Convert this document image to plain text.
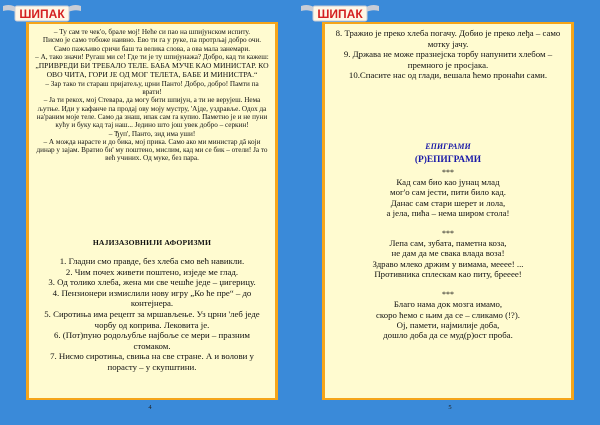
ШИПАК
– Ту сам те чек'о, брале мој! Неће си пао на шпијунском испиту.
Писмо је само тобоже наивно. Ево ти га у руке, па протрљај добро очи. Само пажљиво сричи баш та велика слова, а ова мала занемари.
– А, тако значи! Ругаш ми се! Где ти је ту шпијунажа? Добро, кад ти кажеш:
„ПРИВРЕДИ БИ ТРЕБАЛО ТЕЛЕ. БАБА МУЧЕ КАО МИНИСТАР. КО ОВО ЧИТА, ГОРИ ЈЕ ОД МОГ ТЕЛЕТА, БАБЕ И МИНИСТРА.“
– Зар тако ти стараш пријатељу, црни Панто! Добро, добро! Памти па врати!
– Ја ти рекох, мој Стевара, да могу бити шпијун, а ти не верујеш. Нема љутње. Иди у кафанче па продај ову моју мустру, 'Ајде, уздравље. Одох да на'раним моје теле. Само да знаш, ипак сам га купио. Паметно је и не пуни кућу и буку кад тај наш... Једино што још увек добро – серкин!
– Ђуп', Панто, зид има уши!
– А можда нарасте и до бика, мој прика. Само ако ми министар дâ који динар у зајам. Вратио би' му поштено, мислим, кад ми се бик – отели! Ја то већ учиних. Од муке, без пара.
НАЈИЗАЗОВНИЈИ АФОРИЗМИ
1. Гладни смо правде, без хлеба смо већ навикли.
2. Чим почех живети поштено, изједе ме глад.
3. Од толико хлеба, жена ми све чешће једе – џигерицу.
4. Пензионери измислили нову игру „Ко ће пре“ – до контејнера.
5. Сиротиња има рецепт за мршављење. Уз црни 'леб једе чорбу од коприва. Лековита је.
6. (Пот)пуно родољубље најбоље се мери – празним стомаком.
7. Нисмо сиротиња, свиња на све стране. А и волови у порасту – у скупштини.
4
8. Тражио је преко хлеба погачу. Добио је преко леђа – само мотку јачу.
9. Држава не може празнејска торбу напунити хлебом – премного је просјака.
10.Спасите нас од глади, вешала ћемо пронаћи сами.
ЕПИГРАМИ
(Р)ЕПИГРАМИ
***
Кад сам био као јунац млад
мог'о сам јести, пити било кад.
Данас сам стари шерет и лола,
а јела, пића – нема широм стола!
***
Лепа сам, зубата, паметна коза,
не дам да ме свака влада воза!
Здраво млеко држим у вимама, мееее! ...
Противника сплескам као питу, брееее!
***
Благо нама док мозга имамо,
скоро ћемо с њим да се – сликамо (!?).
Ој, памети, најмилије доба,
дошло доба да се муд(р)ост проба.
5
ШИПАК
